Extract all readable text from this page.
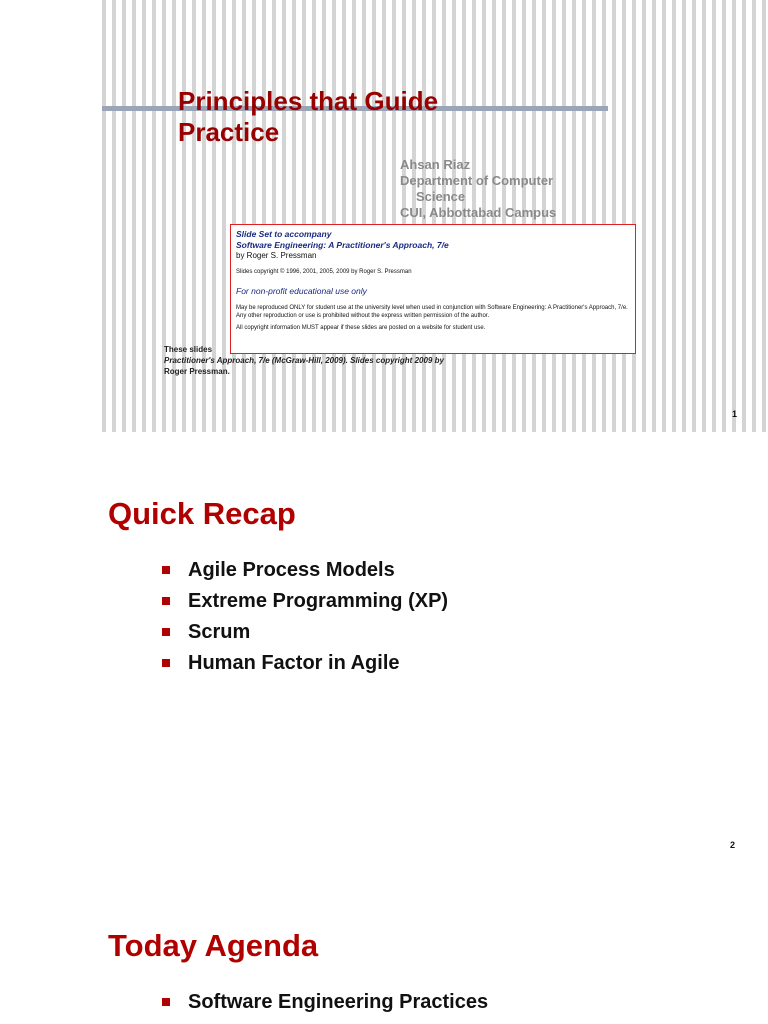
Principles that Guide
Practice
Ahsan Riaz
Department of Computer
Science
CUI, Abbottabad Campus
These slides
Practitioner's Approach, 7/e (McGraw-Hill, 2009). Slides copyright 2009 by
Roger Pressman.
Slide Set to accompany
Software Engineering: A Practitioner's Approach, 7/e
by Roger S. Pressman
Slides copyright © 1996, 2001, 2005, 2009 by Roger S. Pressman
For non-profit educational use only
May be reproduced ONLY for student use at the university level when used in conjunction with Software Engineering: A Practitioner's Approach, 7/e. Any other reproduction or use is prohibited without the express written permission of the author.
All copyright information MUST appear if these slides are posted on a website for student use.
1
Quick Recap
Agile Process Models
Extreme Programming (XP)
Scrum
Human Factor in Agile
2
Today Agenda
Software Engineering Practices
